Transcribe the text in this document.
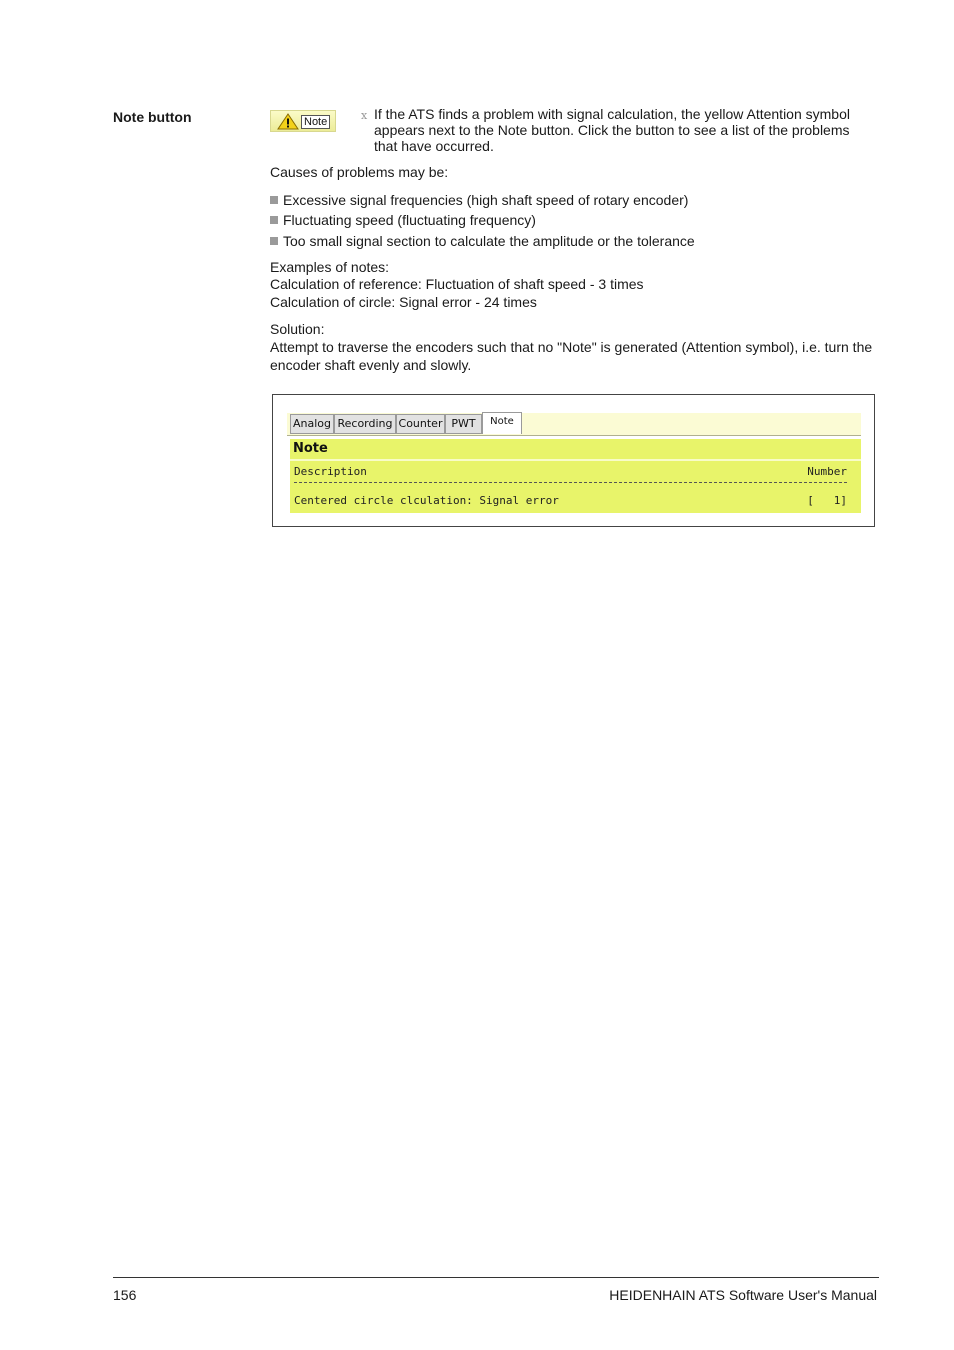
Note button	Note	x If the ATS finds a problem with signal calculation, the yellow Attention symbol appears next to the Note button. Click the button to see a list of the problems that have occurred.

Causes of problems may be:

Excessive signal frequencies (high shaft speed of rotary encoder)
Fluctuating speed (fluctuating frequency)
Too small signal section to calculate the amplitude or the tolerance

Examples of notes:

Calculation of reference: Fluctuation of shaft speed - 3 times

Calculation of circle: Signal error - 24 times

Solution:

Attempt to traverse the encoders such that no "Note" is generated (Attention symbol), i.e. turn the encoder shaft evenly and slowly.

Analog Recording Counter PWT	Note
Note
Description	Number
Centered circle clculation: Signal error	[   1]
156	HEIDENHAIN ATS Software User's Manual
